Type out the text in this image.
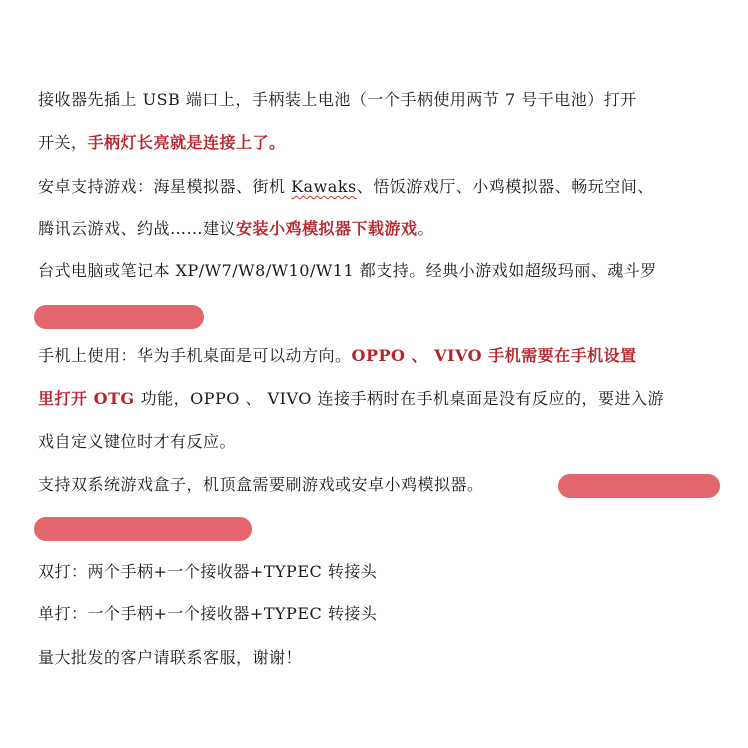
接收器先插上 USB 端口上，手柄装上电池（一个手柄使用两节 7 号干电池）打开
开关，手柄灯长亮就是连接上了。
安卓支持游戏：海星模拟器、街机 Kawaks、悟饭游戏厅、小鸡模拟器、畅玩空间、
腾讯云游戏、约战……建议安装小鸡模拟器下载游戏。
台式电脑或笔记本 XP/W7/W8/W10/W11 都支持。经典小游戏如超级玛丽、魂斗罗
手机上使用：华为手机桌面是可以动方向。OPPO 、 VIVO 手机需要在手机设置
里打开 OTG 功能，OPPO 、 VIVO 连接手柄时在手机桌面是没有反应的，要进入游
戏自定义键位时才有反应。
支持双系统游戏盒子，机顶盒需要刷游戏或安卓小鸡模拟器。
双打：两个手柄+一个接收器+TYPEC 转接头
单打：一个手柄+一个接收器+TYPEC 转接头
量大批发的客户请联系客服，谢谢！
